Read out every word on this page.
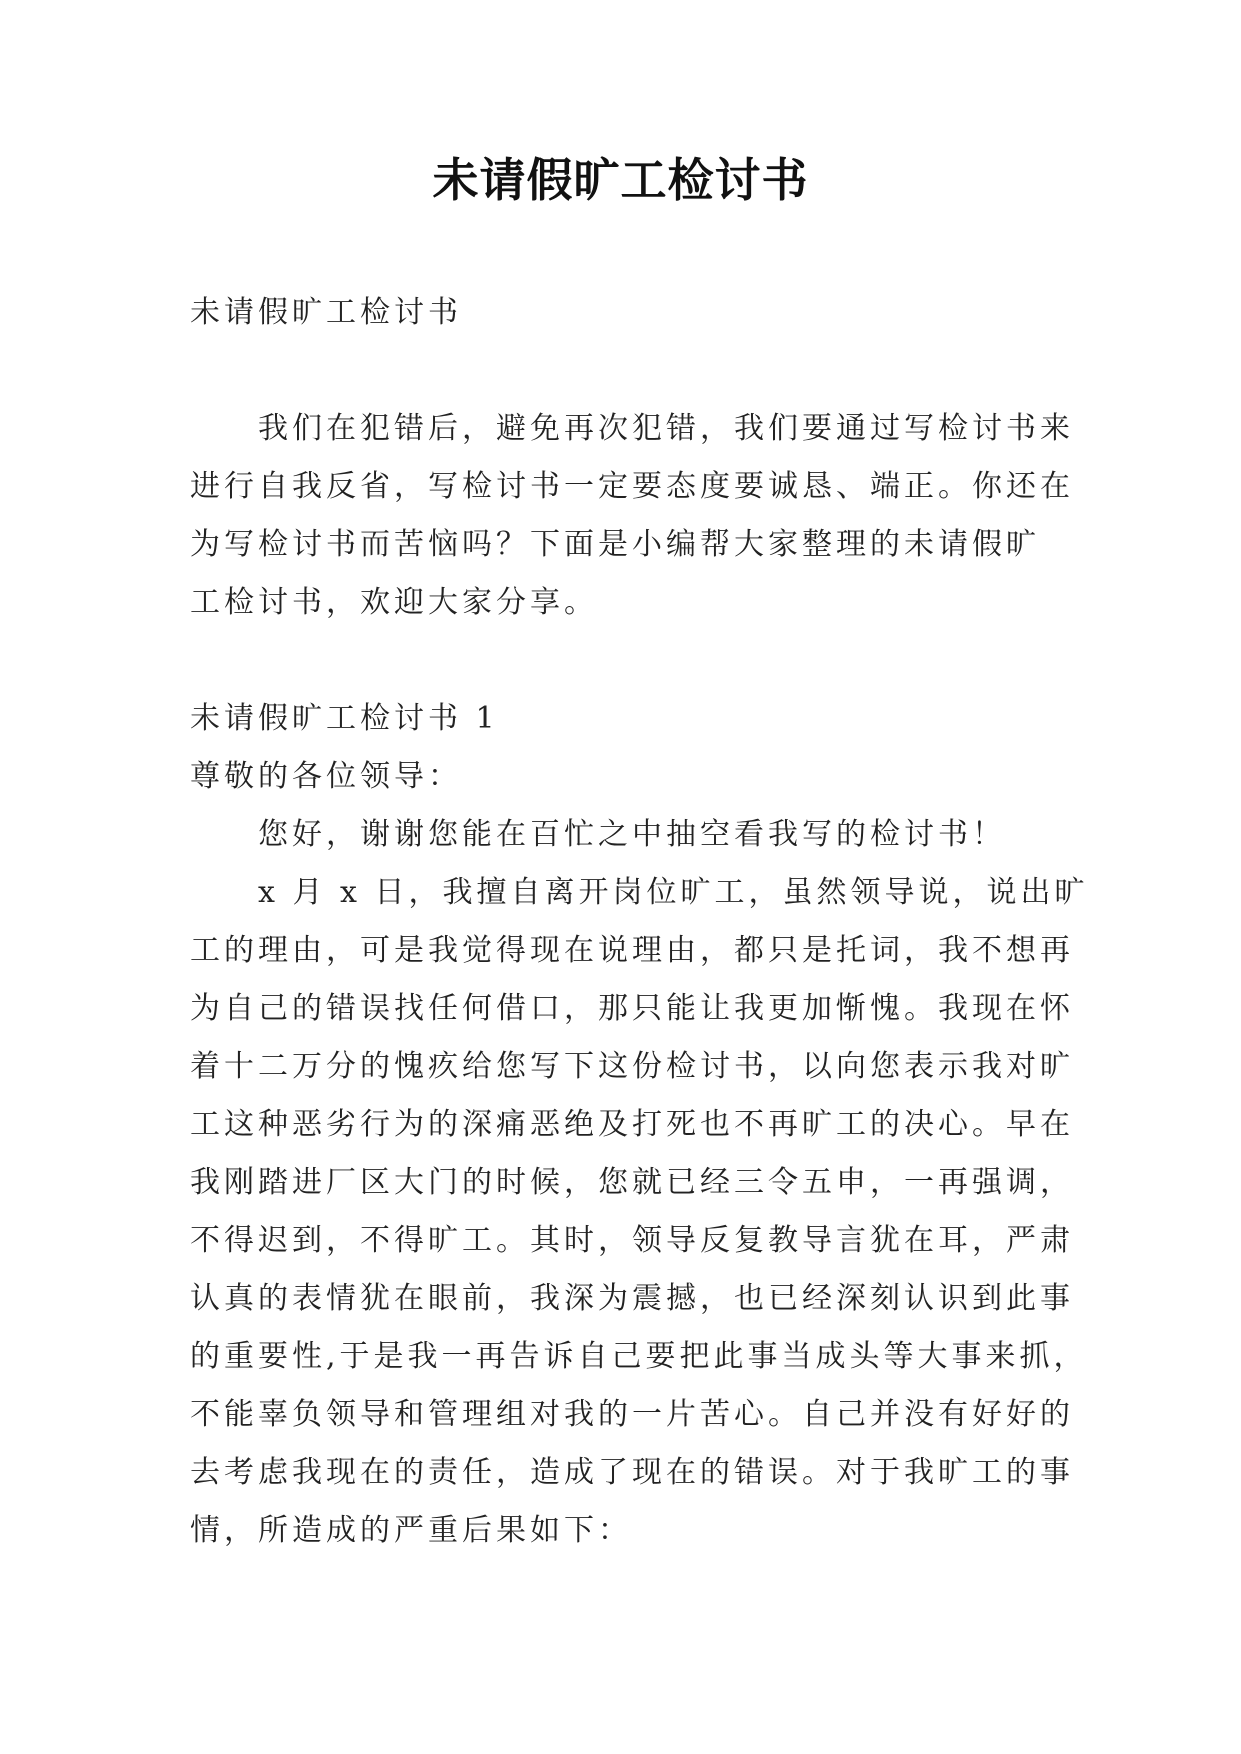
未请假旷工检讨书

未请假旷工检讨书

我们在犯错后，避免再次犯错，我们要通过写检讨书来
进行自我反省，写检讨书一定要态度要诚恳、端正。你还在
为写检讨书而苦恼吗？下面是小编帮大家整理的未请假旷
工检讨书，欢迎大家分享。

未请假旷工检讨书 1

尊敬的各位领导：

您好，谢谢您能在百忙之中抽空看我写的检讨书！

x 月 x 日，我擅自离开岗位旷工，虽然领导说，说出旷
工的理由，可是我觉得现在说理由，都只是托词，我不想再
为自己的错误找任何借口，那只能让我更加惭愧。我现在怀
着十二万分的愧疚给您写下这份检讨书，以向您表示我对旷
工这种恶劣行为的深痛恶绝及打死也不再旷工的决心。早在
我刚踏进厂区大门的时候，您就已经三令五申，一再强调，
不得迟到，不得旷工。其时，领导反复教导言犹在耳，严肃
认真的表情犹在眼前，我深为震撼，也已经深刻认识到此事
的重要性,于是我一再告诉自己要把此事当成头等大事来抓，
不能辜负领导和管理组对我的一片苦心。自己并没有好好的
去考虑我现在的责任，造成了现在的错误。对于我旷工的事
情，所造成的严重后果如下：
